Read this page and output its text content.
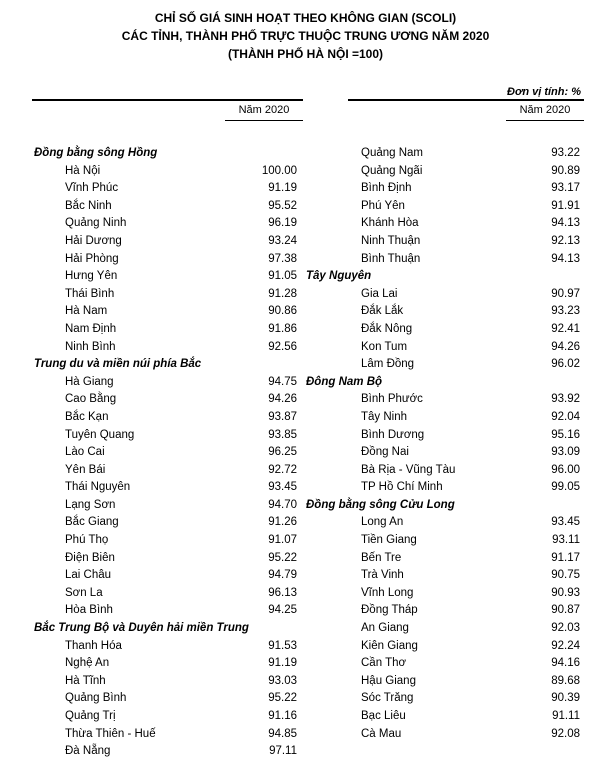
CHỈ SỐ GIÁ SINH HOẠT THEO KHÔNG GIAN (SCOLI)
CÁC TỈNH, THÀNH PHỐ TRỰC THUỘC TRUNG ƯƠNG NĂM 2020
(THÀNH PHỐ HÀ NỘI =100)
Đơn vị tính: %
Năm 2020
Đồng bằng sông Hồng
Hà Nội	100.00
Vĩnh Phúc	91.19
Bắc Ninh	95.52
Quảng Ninh	96.19
Hải Dương	93.24
Hải Phòng	97.38
Hưng Yên	91.05
Thái Bình	91.28
Hà Nam	90.86
Nam Định	91.86
Ninh Bình	92.56
Trung du và miền núi phía Bắc
Hà Giang	94.75
Cao Bằng	94.26
Bắc Kạn	93.87
Tuyên Quang	93.85
Lào Cai	96.25
Yên Bái	92.72
Thái Nguyên	93.45
Lạng Sơn	94.70
Bắc Giang	91.26
Phú Thọ	91.07
Điện Biên	95.22
Lai Châu	94.79
Sơn La	96.13
Hòa Bình	94.25
Bắc Trung Bộ và Duyên hải miền Trung
Thanh Hóa	91.53
Nghệ An	91.19
Hà Tĩnh	93.03
Quảng Bình	95.22
Quảng Trị	91.16
Thừa Thiên - Huế	94.85
Đà Nẵng	97.11
Năm 2020
Quảng Nam	93.22
Quảng Ngãi	90.89
Bình Định	93.17
Phú Yên	91.91
Khánh Hòa	94.13
Ninh Thuận	92.13
Bình Thuận	94.13
Tây Nguyên
Gia Lai	90.97
Đắk Lắk	93.23
Đắk Nông	92.41
Kon Tum	94.26
Lâm Đồng	96.02
Đông Nam Bộ
Bình Phước	93.92
Tây Ninh	92.04
Bình Dương	95.16
Đồng Nai	93.09
Bà Rịa - Vũng Tàu	96.00
TP Hồ Chí Minh	99.05
Đồng bằng sông Cửu Long
Long An	93.45
Tiền Giang	93.11
Bến Tre	91.17
Trà Vinh	90.75
Vĩnh Long	90.93
Đồng Tháp	90.87
An Giang	92.03
Kiên Giang	92.24
Cần Thơ	94.16
Hậu Giang	89.68
Sóc Trăng	90.39
Bạc Liêu	91.11
Cà Mau	92.08
